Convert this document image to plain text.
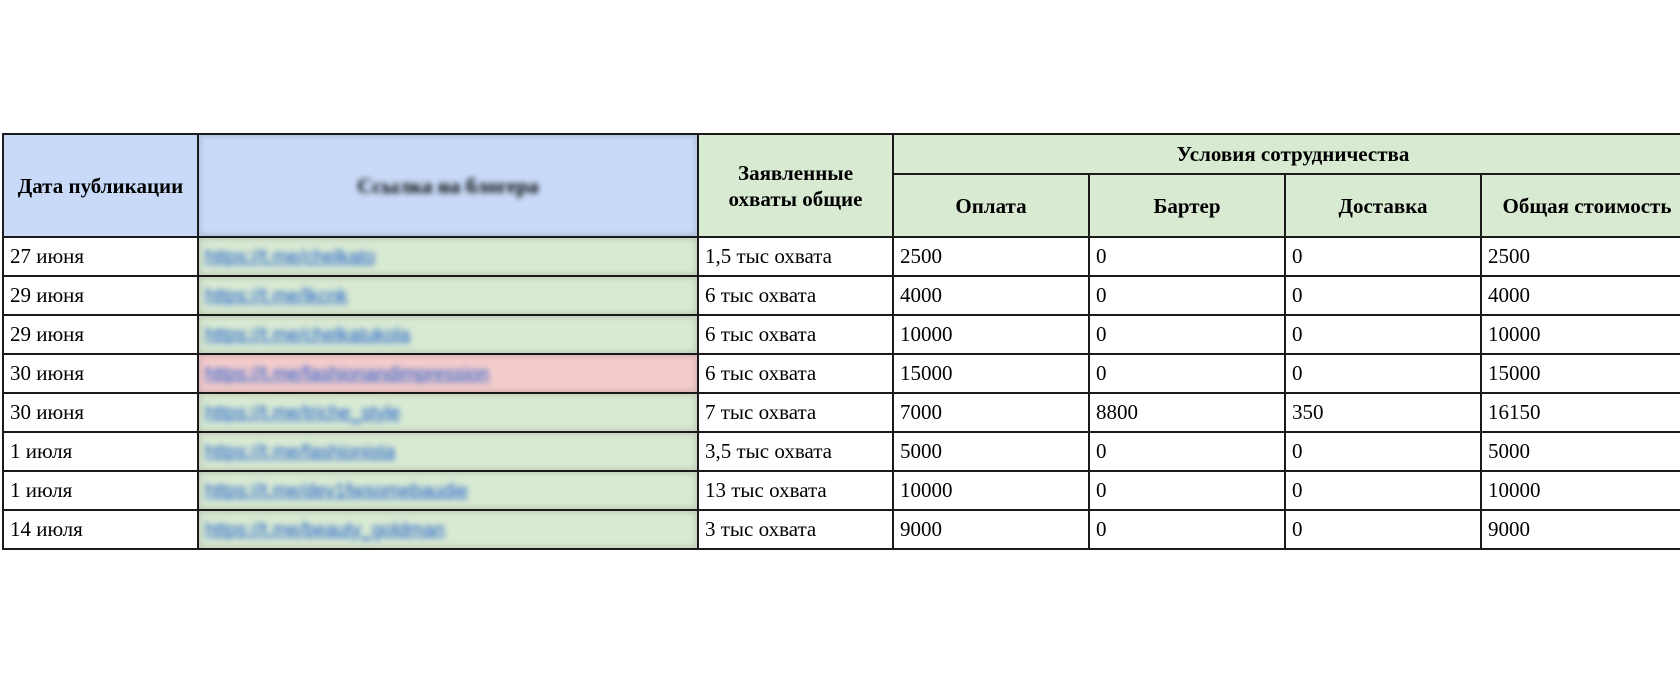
Дата публикации	Ссылка на блогера	Заявленные охваты общие	Условия сотрудничества			
			Оплата	Бартер	Доставка	Общая стоимость
27 июня	https://t.me/chelkato	1,5 тыс охвата	2500	0	0	2500
29 июня	https://t.me/lkcnk	6 тыс охвата	4000	0	0	4000
29 июня	https://t.me/chelkatukola	6 тыс охвата	10000	0	0	10000
30 июня	https://t.me/fashionandimpression	6 тыс охвата	15000	0	0	15000
30 июня	https://t.me/triche_style	7 тыс охвата	7000	8800	350	16150
1 июля	https://t.me/fashionista	3,5 тыс охвата	5000	0	0	5000
1 июля	https://t.me/dev1fwsomebaudie	13 тыс охвата	10000	0	0	10000
14 июля	https://t.me/beauty_goldman	3 тыс охвата	9000	0	0	9000
